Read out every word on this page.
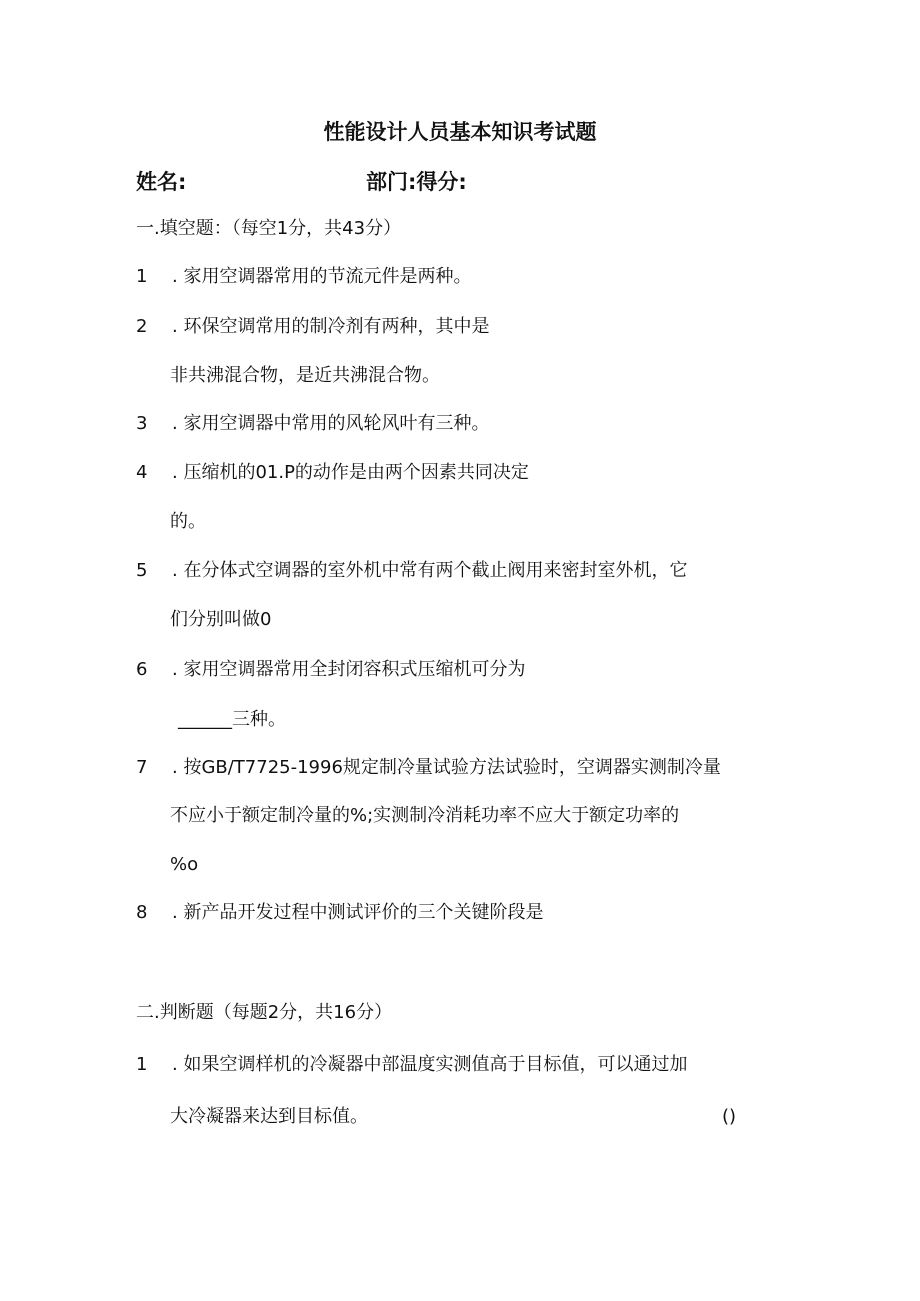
性能设计人员基本知识考试题
姓名:	部门:得分:
一.填空题：（每空1分，共43分）
1 . 家用空调器常用的节流元件是两种。
2 . 环保空调常用的制冷剂有两种，其中是
非共沸混合物，是近共沸混合物。
3 . 家用空调器中常用的风轮风叶有三种。
4 . 压缩机的01.P的动作是由两个因素共同决定
的。
5 . 在分体式空调器的室外机中常有两个截止阀用来密封室外机，它
们分别叫做0
6 . 家用空调器常用全封闭容积式压缩机可分为
______三种。
7 . 按GB/T7725-1996规定制冷量试验方法试验时，空调器实测制冷量
不应小于额定制冷量的%;实测制冷消耗功率不应大于额定功率的
%o
8 . 新产品开发过程中测试评价的三个关键阶段是
二.判断题（每题2分，共16分）
1 . 如果空调样机的冷凝器中部温度实测值高于目标值，可以通过加
大冷凝器来达到目标值。	()
